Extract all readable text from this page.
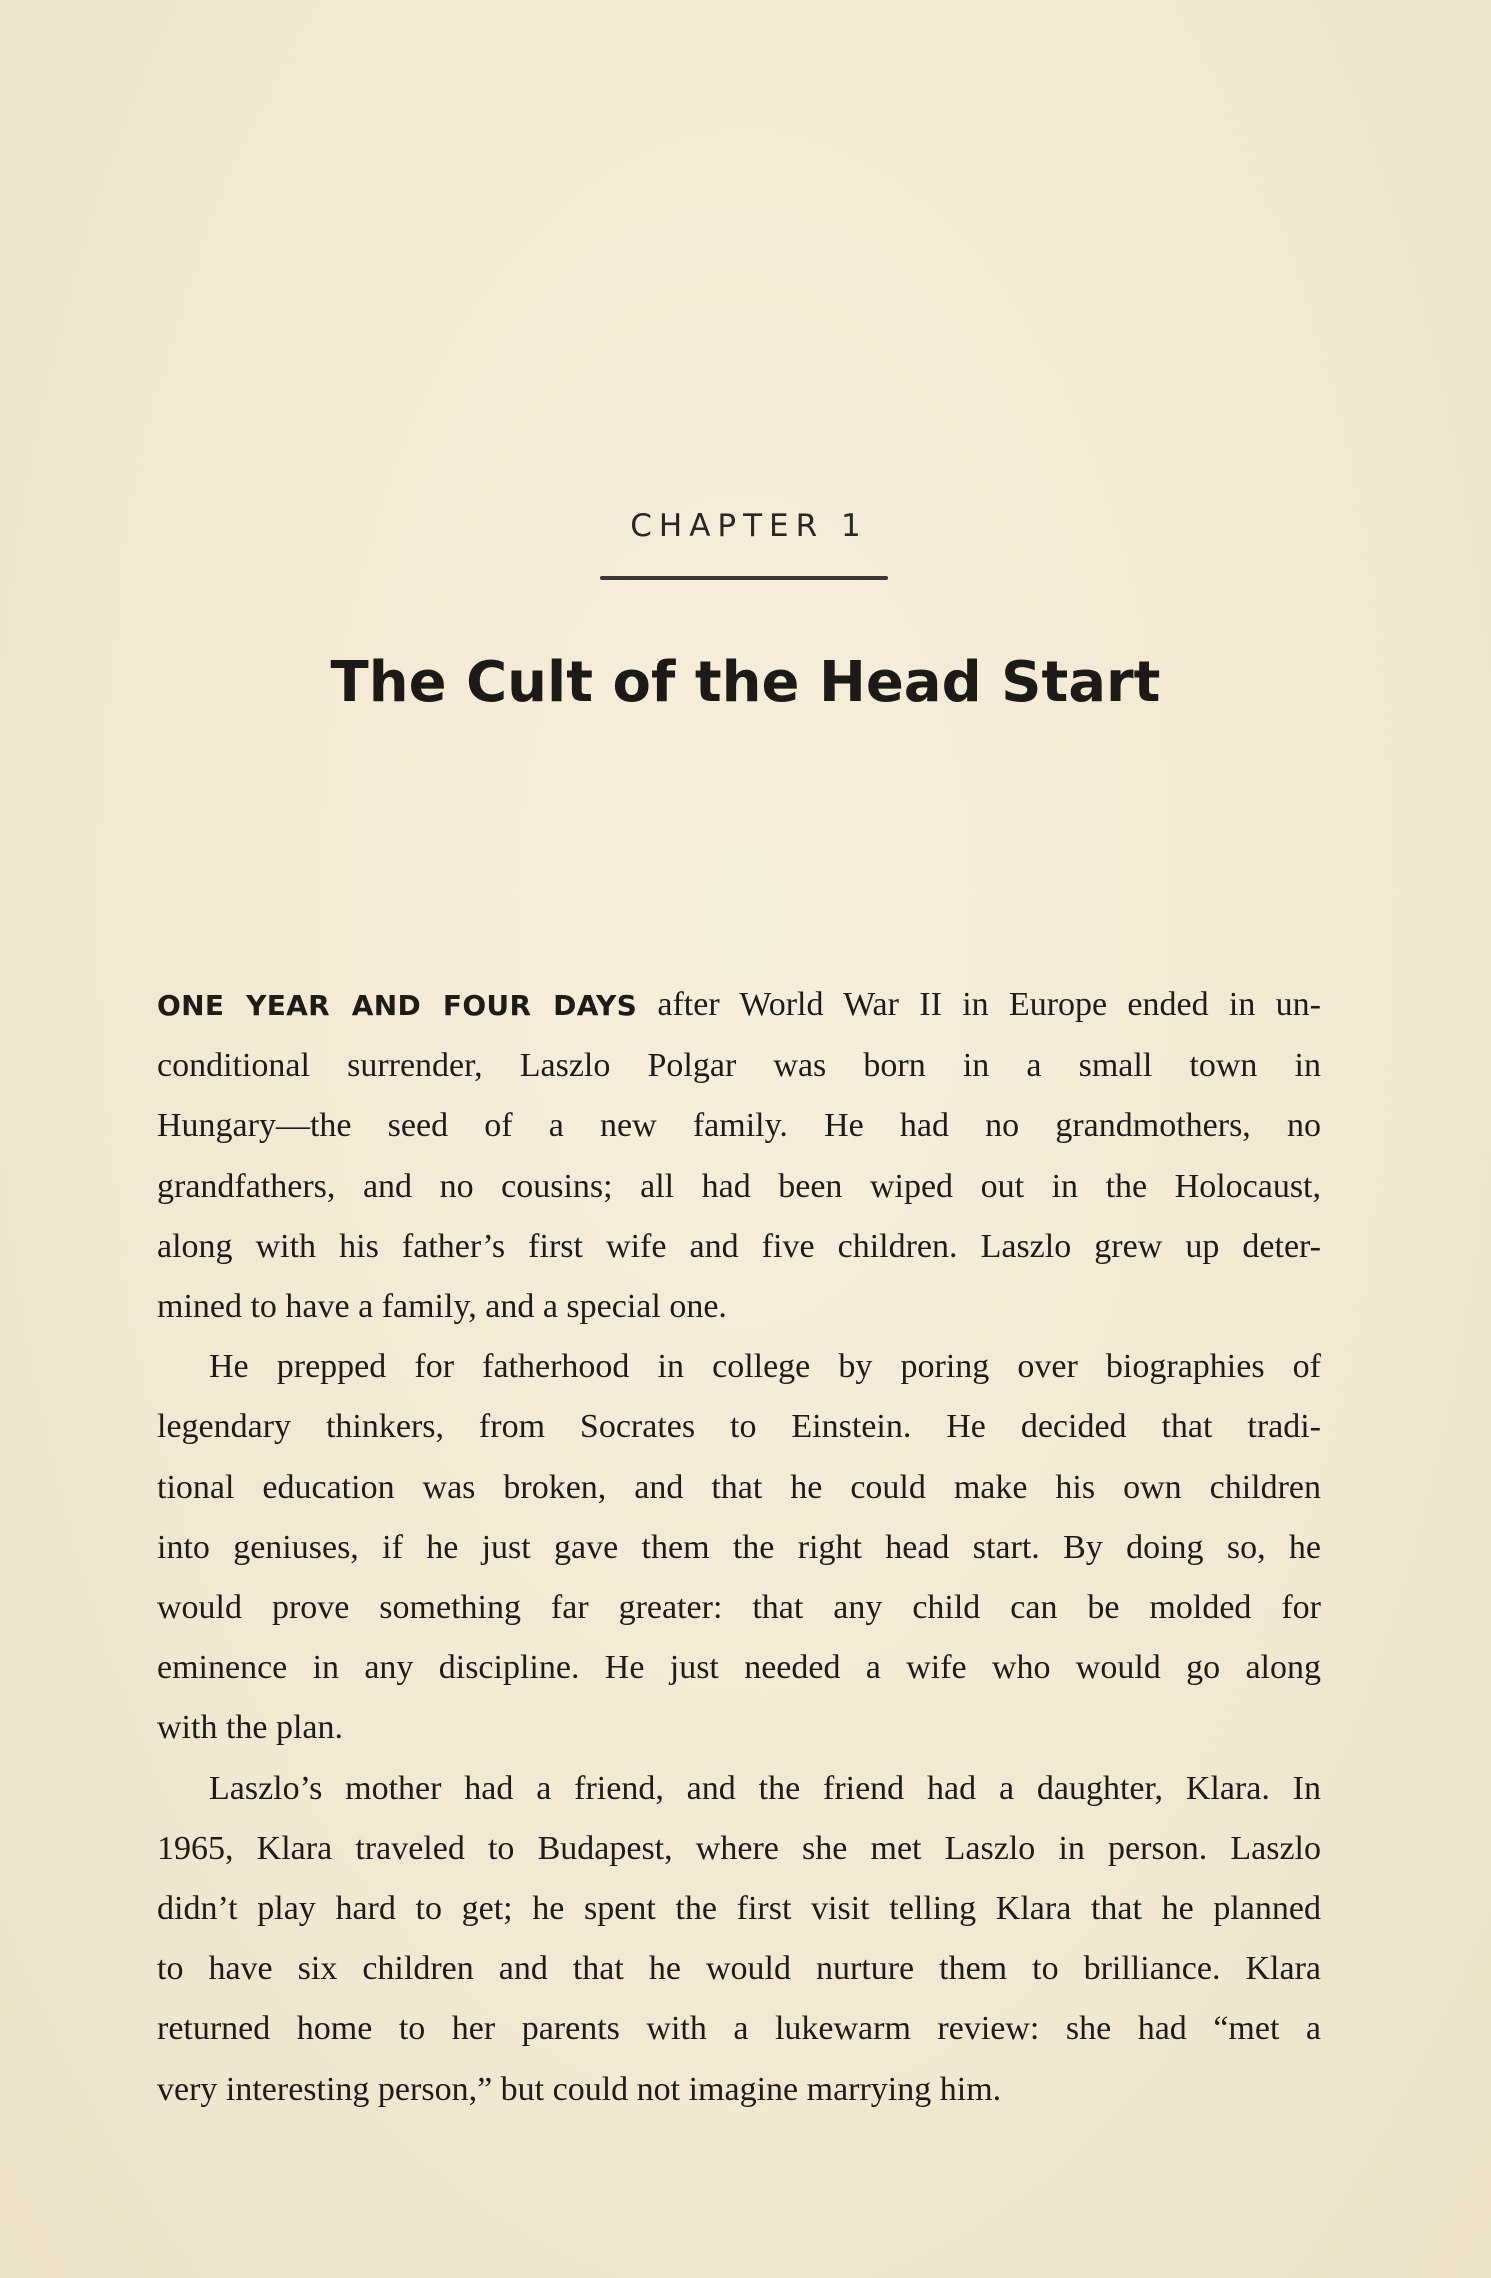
CHAPTER 1
The Cult of the Head Start
ONE YEAR AND FOUR DAYS after World War II in Europe ended in un-
conditional surrender, Laszlo Polgar was born in a small town in
Hungary—the seed of a new family. He had no grandmothers, no
grandfathers, and no cousins; all had been wiped out in the Holocaust,
along with his father’s first wife and five children. Laszlo grew up deter-
mined to have a family, and a special one.
He prepped for fatherhood in college by poring over biographies of
legendary thinkers, from Socrates to Einstein. He decided that tradi-
tional education was broken, and that he could make his own children
into geniuses, if he just gave them the right head start. By doing so, he
would prove something far greater: that any child can be molded for
eminence in any discipline. He just needed a wife who would go along
with the plan.
Laszlo’s mother had a friend, and the friend had a daughter, Klara. In
1965, Klara traveled to Budapest, where she met Laszlo in person. Laszlo
didn’t play hard to get; he spent the first visit telling Klara that he planned
to have six children and that he would nurture them to brilliance. Klara
returned home to her parents with a lukewarm review: she had “met a
very interesting person,” but could not imagine marrying him.
